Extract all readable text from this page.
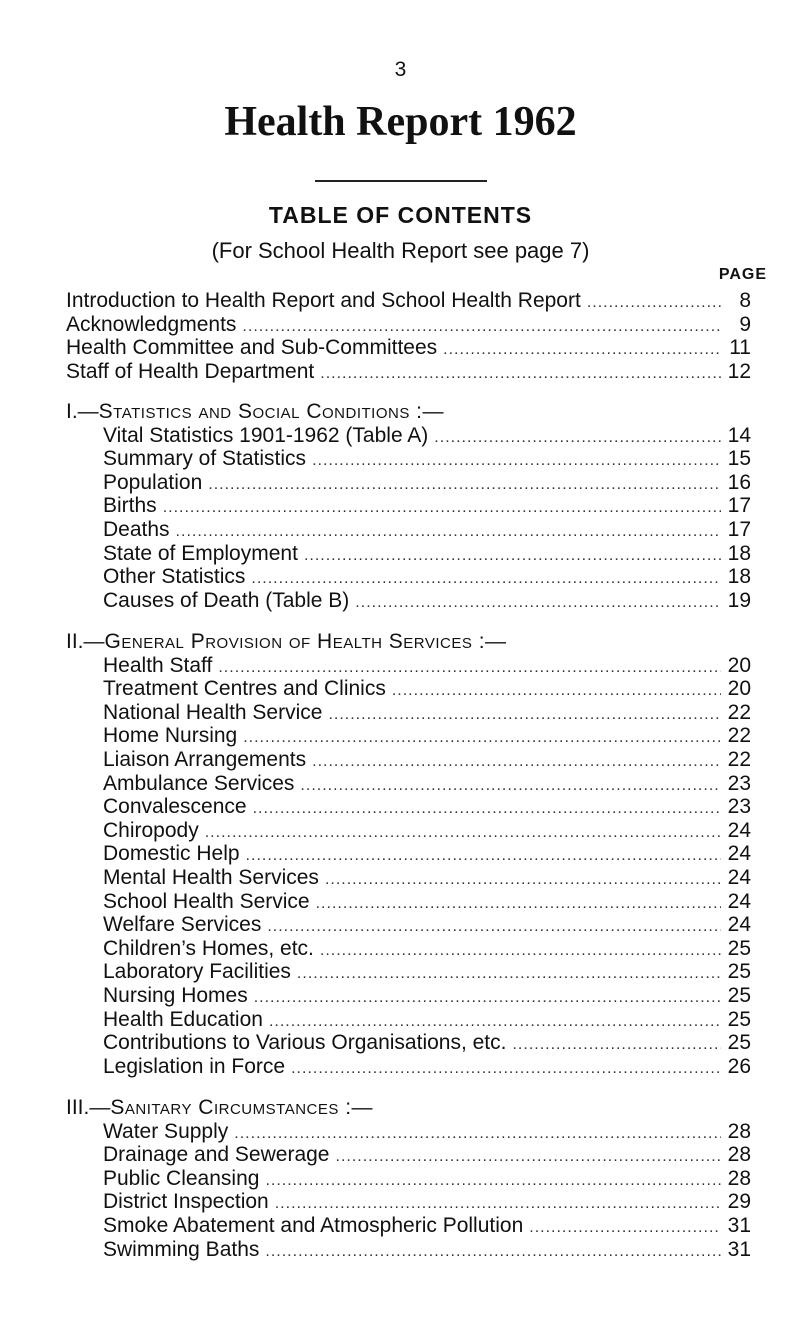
3
Health Report 1962
TABLE OF CONTENTS
(For School Health Report see page 7)
PAGE
Introduction to Health Report and School Health Report .....	8
Acknowledgments .....	9
Health Committee and Sub-Committees .....	11
Staff of Health Department .....	12
I.—Statistics and Social Conditions :—
Vital Statistics 1901-1962 (Table A) .....	14
Summary of Statistics .....	15
Population .....	16
Births .....	17
Deaths .....	17
State of Employment .....	18
Other Statistics .....	18
Causes of Death (Table B) .....	19
II.—General Provision of Health Services :—
Health Staff .....	20
Treatment Centres and Clinics .....	20
National Health Service .....	22
Home Nursing .....	22
Liaison Arrangements .....	22
Ambulance Services .....	23
Convalescence .....	23
Chiropody .....	24
Domestic Help .....	24
Mental Health Services .....	24
School Health Service .....	24
Welfare Services .....	24
Children’s Homes, etc. .....	25
Laboratory Facilities .....	25
Nursing Homes .....	25
Health Education .....	25
Contributions to Various Organisations, etc. .....	25
Legislation in Force .....	26
III.—Sanitary Circumstances :—
Water Supply .....	28
Drainage and Sewerage .....	28
Public Cleansing .....	28
District Inspection .....	29
Smoke Abatement and Atmospheric Pollution .....	31
Swimming Baths .....	31
